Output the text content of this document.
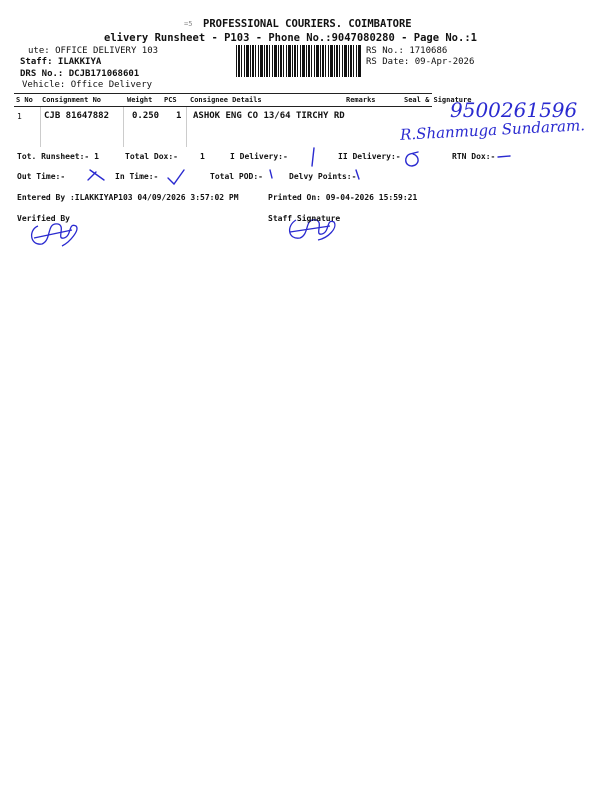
=5 PROFESSIONAL COURIERS. COIMBATORE
elivery Runsheet - P103 - Phone No.:9047080280 - Page No.:1
ute: OFFICE DELIVERY 103
Staff: ILAKKIYA
DRS No.: DCJB171068601
Vehicle: Office Delivery
RS No.: 1710686
RS Date: 09-Apr-2026
S No Consignment No	Weight PCS Consignee Details	Remarks	Seal & Signature
1 CJB 81647882	0.250 1 ASHOK ENG CO 13/64 TIRCHY RD	9500261596
R.Shanmuga Sundaram.
Tot. Runsheet:- 1	Total Dox:-	1	I Delivery:-	II Delivery:-	RTN Dox:-
Out Time:-	In Time:-	Total POD:-	Delvy Points:-
Entered By :ILAKKIYAP103 04/09/2026 3:57:02 PM	Printed On: 09-04-2026 15:59:21
Verified By	Staff Signature
